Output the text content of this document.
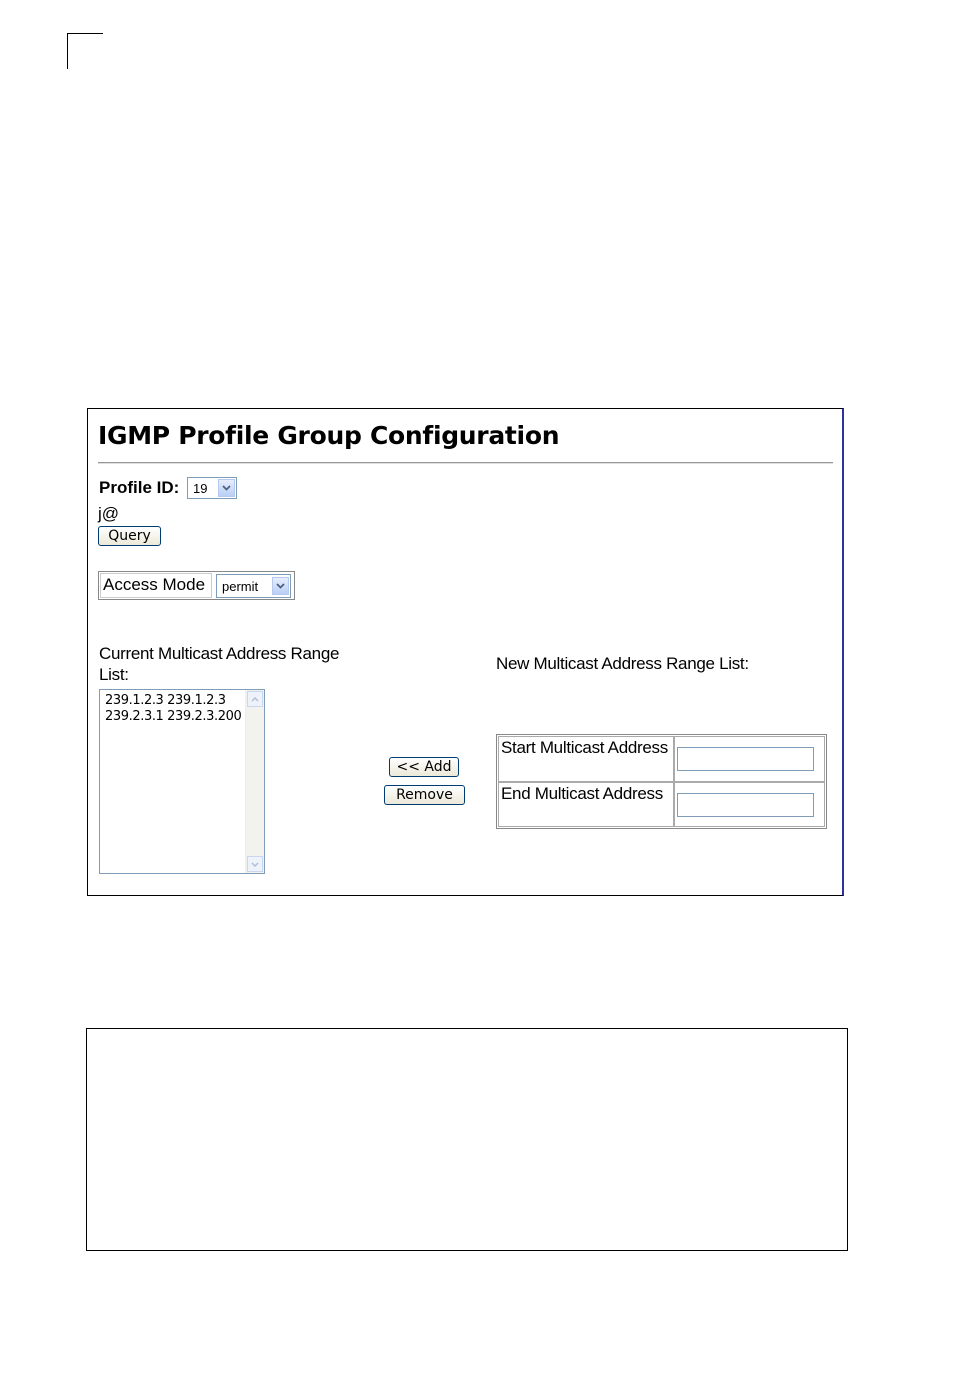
IGMP Profile Group Configuration
Profile ID:	19
j@
Query
Access Mode	permit
Current Multicast Address Range List:
New Multicast Address Range List:
239.1.2.3 239.1.2.3
239.2.3.1 239.2.3.200
<< Add
Remove
Start Multicast Address
End Multicast Address
